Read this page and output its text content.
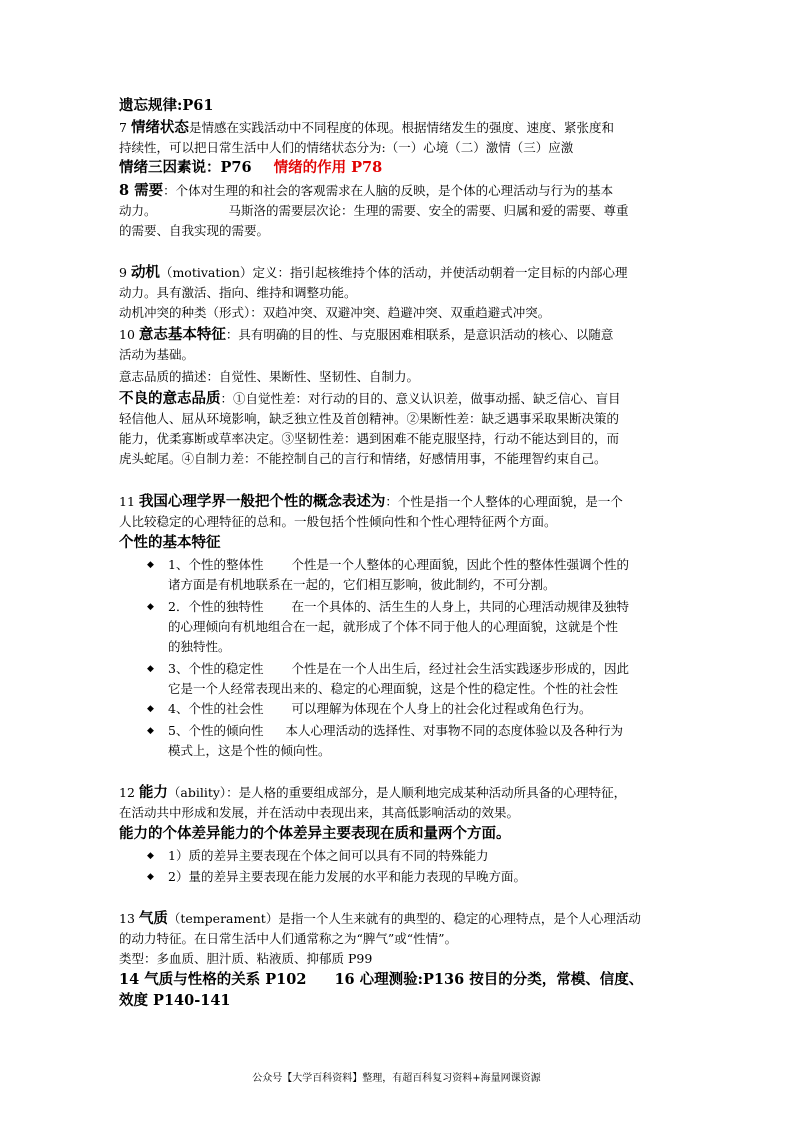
遗忘规律:P61
7 情绪状态是情感在实践活动中不同程度的体现。根据情绪发生的强度、速度、紧张度和
持续性，可以把日常生活中人们的情绪状态分为:（一）心境（二）激情（三）应激
情绪三因素说：P76 情绪的作用 P78
8 需要：个体对生理的和社会的客观需求在人脑的反映，是个体的心理活动与行为的基本
动力。	马斯洛的需要层次论：生理的需要、安全的需要、归属和爱的需要、尊重
的需要、自我实现的需要。
9 动机（motivation）定义：指引起核维持个体的活动，并使活动朝着一定目标的内部心理
动力。具有激活、指向、维持和调整功能。
动机冲突的种类（形式）：双趋冲突、双避冲突、趋避冲突、双重趋避式冲突。
10 意志基本特征：具有明确的目的性、与克服困难相联系，是意识活动的核心、以随意
活动为基础。
意志品质的描述：自觉性、果断性、坚韧性、自制力。
不良的意志品质：①自觉性差：对行动的目的、意义认识差，做事动摇、缺乏信心、盲目
轻信他人、屈从环境影响，缺乏独立性及首创精神。②果断性差：缺乏遇事采取果断决策的
能力，优柔寡断或草率决定。③坚韧性差：遇到困难不能克服坚持，行动不能达到目的，而
虎头蛇尾。④自制力差：不能控制自己的言行和情绪，好感情用事，不能理智约束自己。
11 我国心理学界一般把个性的概念表述为：个性是指一个人整体的心理面貌，是一个
人比较稳定的心理特征的总和。一般包括个性倾向性和个性心理特征两个方面。
个性的基本特征
◆ 1、个性的整体性 个性是一个人整体的心理面貌，因此个性的整体性强调个性的
诸方面是有机地联系在一起的，它们相互影响，彼此制约，不可分割。
◆ 2．个性的独特性 在一个具体的、活生生的人身上，共同的心理活动规律及独特
的心理倾向有机地组合在一起，就形成了个体不同于他人的心理面貌，这就是个性
的独特性。
◆ 3、个性的稳定性 个性是在一个人出生后，经过社会生活实践逐步形成的，因此
它是一个人经常表现出来的、稳定的心理面貌，这是个性的稳定性。个性的社会性
◆ 4、个性的社会性 可以理解为体现在个人身上的社会化过程或角色行为。
◆ 5、个性的倾向性 本人心理活动的选择性、对事物不同的态度体验以及各种行为
模式上，这是个性的倾向性。
12 能力（ability）：是人格的重要组成部分，是人顺利地完成某种活动所具备的心理特征，
在活动共中形成和发展，并在活动中表现出来，其高低影响活动的效果。
能力的个体差异能力的个体差异主要表现在质和量两个方面。
◆ 1）质的差异主要表现在个体之间可以具有不同的特殊能力
◆ 2）量的差异主要表现在能力发展的水平和能力表现的早晚方面。
13 气质（temperament）是指一个人生来就有的典型的、稳定的心理特点，是个人心理活动
的动力特征。在日常生活中人们通常称之为“脾气”或“性情”。
类型：多血质、胆汁质、粘液质、抑郁质 P99
14 气质与性格的关系 P102 16 心理测验:P136 按目的分类，常模、信度、
效度 P140-141
公众号【大学百科资料】整理，有超百科复习资料+海量网课资源
